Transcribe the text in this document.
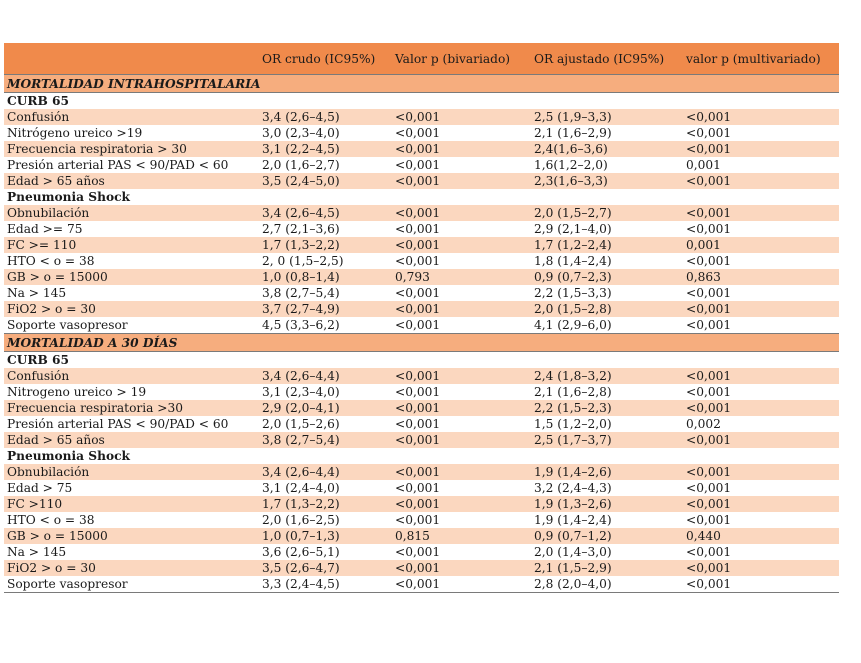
	OR crudo (IC95%)	Valor p (bivariado)	OR ajustado (IC95%)	valor p (multivariado)
MORTALIDAD INTRAHOSPITALARIA				
CURB 65				
Confusión	3,4 (2,6–4,5)	<0,001	2,5 (1,9–3,3)	<0,001
Nitrógeno ureico >19	3,0 (2,3–4,0)	<0,001	2,1 (1,6–2,9)	<0,001
Frecuencia respiratoria > 30	3,1 (2,2–4,5)	<0,001	2,4(1,6–3,6)	<0,001
Presión arterial PAS < 90/PAD < 60	2,0 (1,6–2,7)	<0,001	1,6(1,2–2,0)	0,001
Edad > 65 años	3,5 (2,4–5,0)	<0,001	2,3(1,6–3,3)	<0,001
Pneumonia Shock				
Obnubilación	3,4 (2,6–4,5)	<0,001	2,0 (1,5–2,7)	<0,001
Edad >= 75	2,7 (2,1–3,6)	<0,001	2,9 (2,1–4,0)	<0,001
FC >= 110	1,7 (1,3–2,2)	<0,001	1,7 (1,2–2,4)	0,001
HTO < o = 38	2, 0 (1,5–2,5)	<0,001	1,8 (1,4–2,4)	<0,001
GB > o = 15000	1,0 (0,8–1,4)	0,793	0,9 (0,7–2,3)	0,863
Na > 145	3,8 (2,7–5,4)	<0,001	2,2 (1,5–3,3)	<0,001
FiO2 > o = 30	3,7 (2,7–4,9)	<0,001	2,0 (1,5–2,8)	<0,001
Soporte vasopresor	4,5 (3,3–6,2)	<0,001	4,1 (2,9–6,0)	<0,001
MORTALIDAD A 30 DÍAS				
CURB 65				
Confusión	3,4 (2,6–4,4)	<0,001	2,4 (1,8–3,2)	<0,001
Nitrogeno ureico > 19	3,1 (2,3–4,0)	<0,001	2,1 (1,6–2,8)	<0,001
Frecuencia respiratoria >30	2,9 (2,0–4,1)	<0,001	2,2 (1,5–2,3)	<0,001
Presión arterial PAS < 90/PAD < 60	2,0 (1,5–2,6)	<0,001	1,5 (1,2–2,0)	0,002
Edad > 65 años	3,8 (2,7–5,4)	<0,001	2,5 (1,7–3,7)	<0,001
Pneumonia Shock				
Obnubilación	3,4 (2,6–4,4)	<0,001	1,9 (1,4–2,6)	<0,001
Edad > 75	3,1 (2,4–4,0)	<0,001	3,2 (2,4–4,3)	<0,001
FC >110	1,7 (1,3–2,2)	<0,001	1,9 (1,3–2,6)	<0,001
HTO < o = 38	2,0 (1,6–2,5)	<0,001	1,9 (1,4–2,4)	<0,001
GB > o = 15000	1,0 (0,7–1,3)	0,815	0,9 (0,7–1,2)	0,440
Na > 145	3,6 (2,6–5,1)	<0,001	2,0 (1,4–3,0)	<0,001
FiO2 > o = 30	3,5 (2,6–4,7)	<0,001	2,1 (1,5–2,9)	<0,001
Soporte vasopresor	3,3 (2,4–4,5)	<0,001	2,8 (2,0–4,0)	<0,001
